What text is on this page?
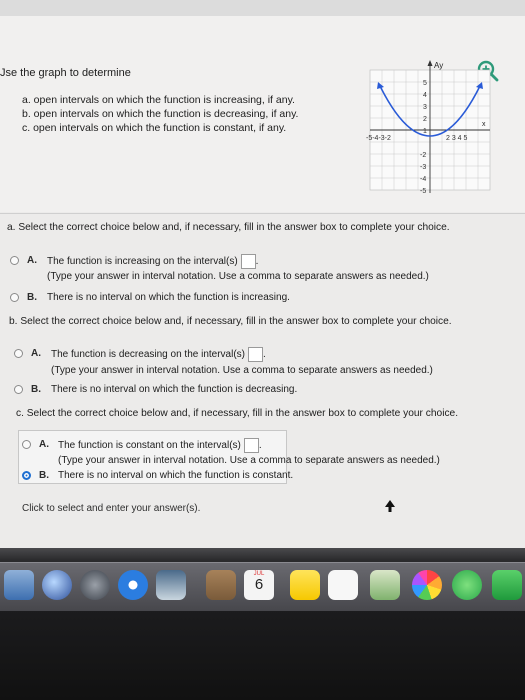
Jse the graph to determine
a. open intervals on which the function is increasing, if any.
b. open intervals on which the function is decreasing, if any.
c. open intervals on which the function is constant, if any.
Ay
x
5
4
3
2
1
-2
-3
-4
-5
-5-4-3-2	2 3 4 5
a. Select the correct choice below and, if necessary, fill in the answer box to complete your choice.
A. The function is increasing on the interval(s) .
(Type your answer in interval notation. Use a comma to separate answers as needed.)
B. There is no interval on which the function is increasing.
b. Select the correct choice below and, if necessary, fill in the answer box to complete your choice.
A. The function is decreasing on the interval(s) .
(Type your answer in interval notation. Use a comma to separate answers as needed.)
B. There is no interval on which the function is decreasing.
c. Select the correct choice below and, if necessary, fill in the answer box to complete your choice.
A. The function is constant on the interval(s) .
(Type your answer in interval notation. Use a comma to separate answers as needed.)
B. There is no interval on which the function is constant.
Click to select and enter your answer(s).
JUL
6
